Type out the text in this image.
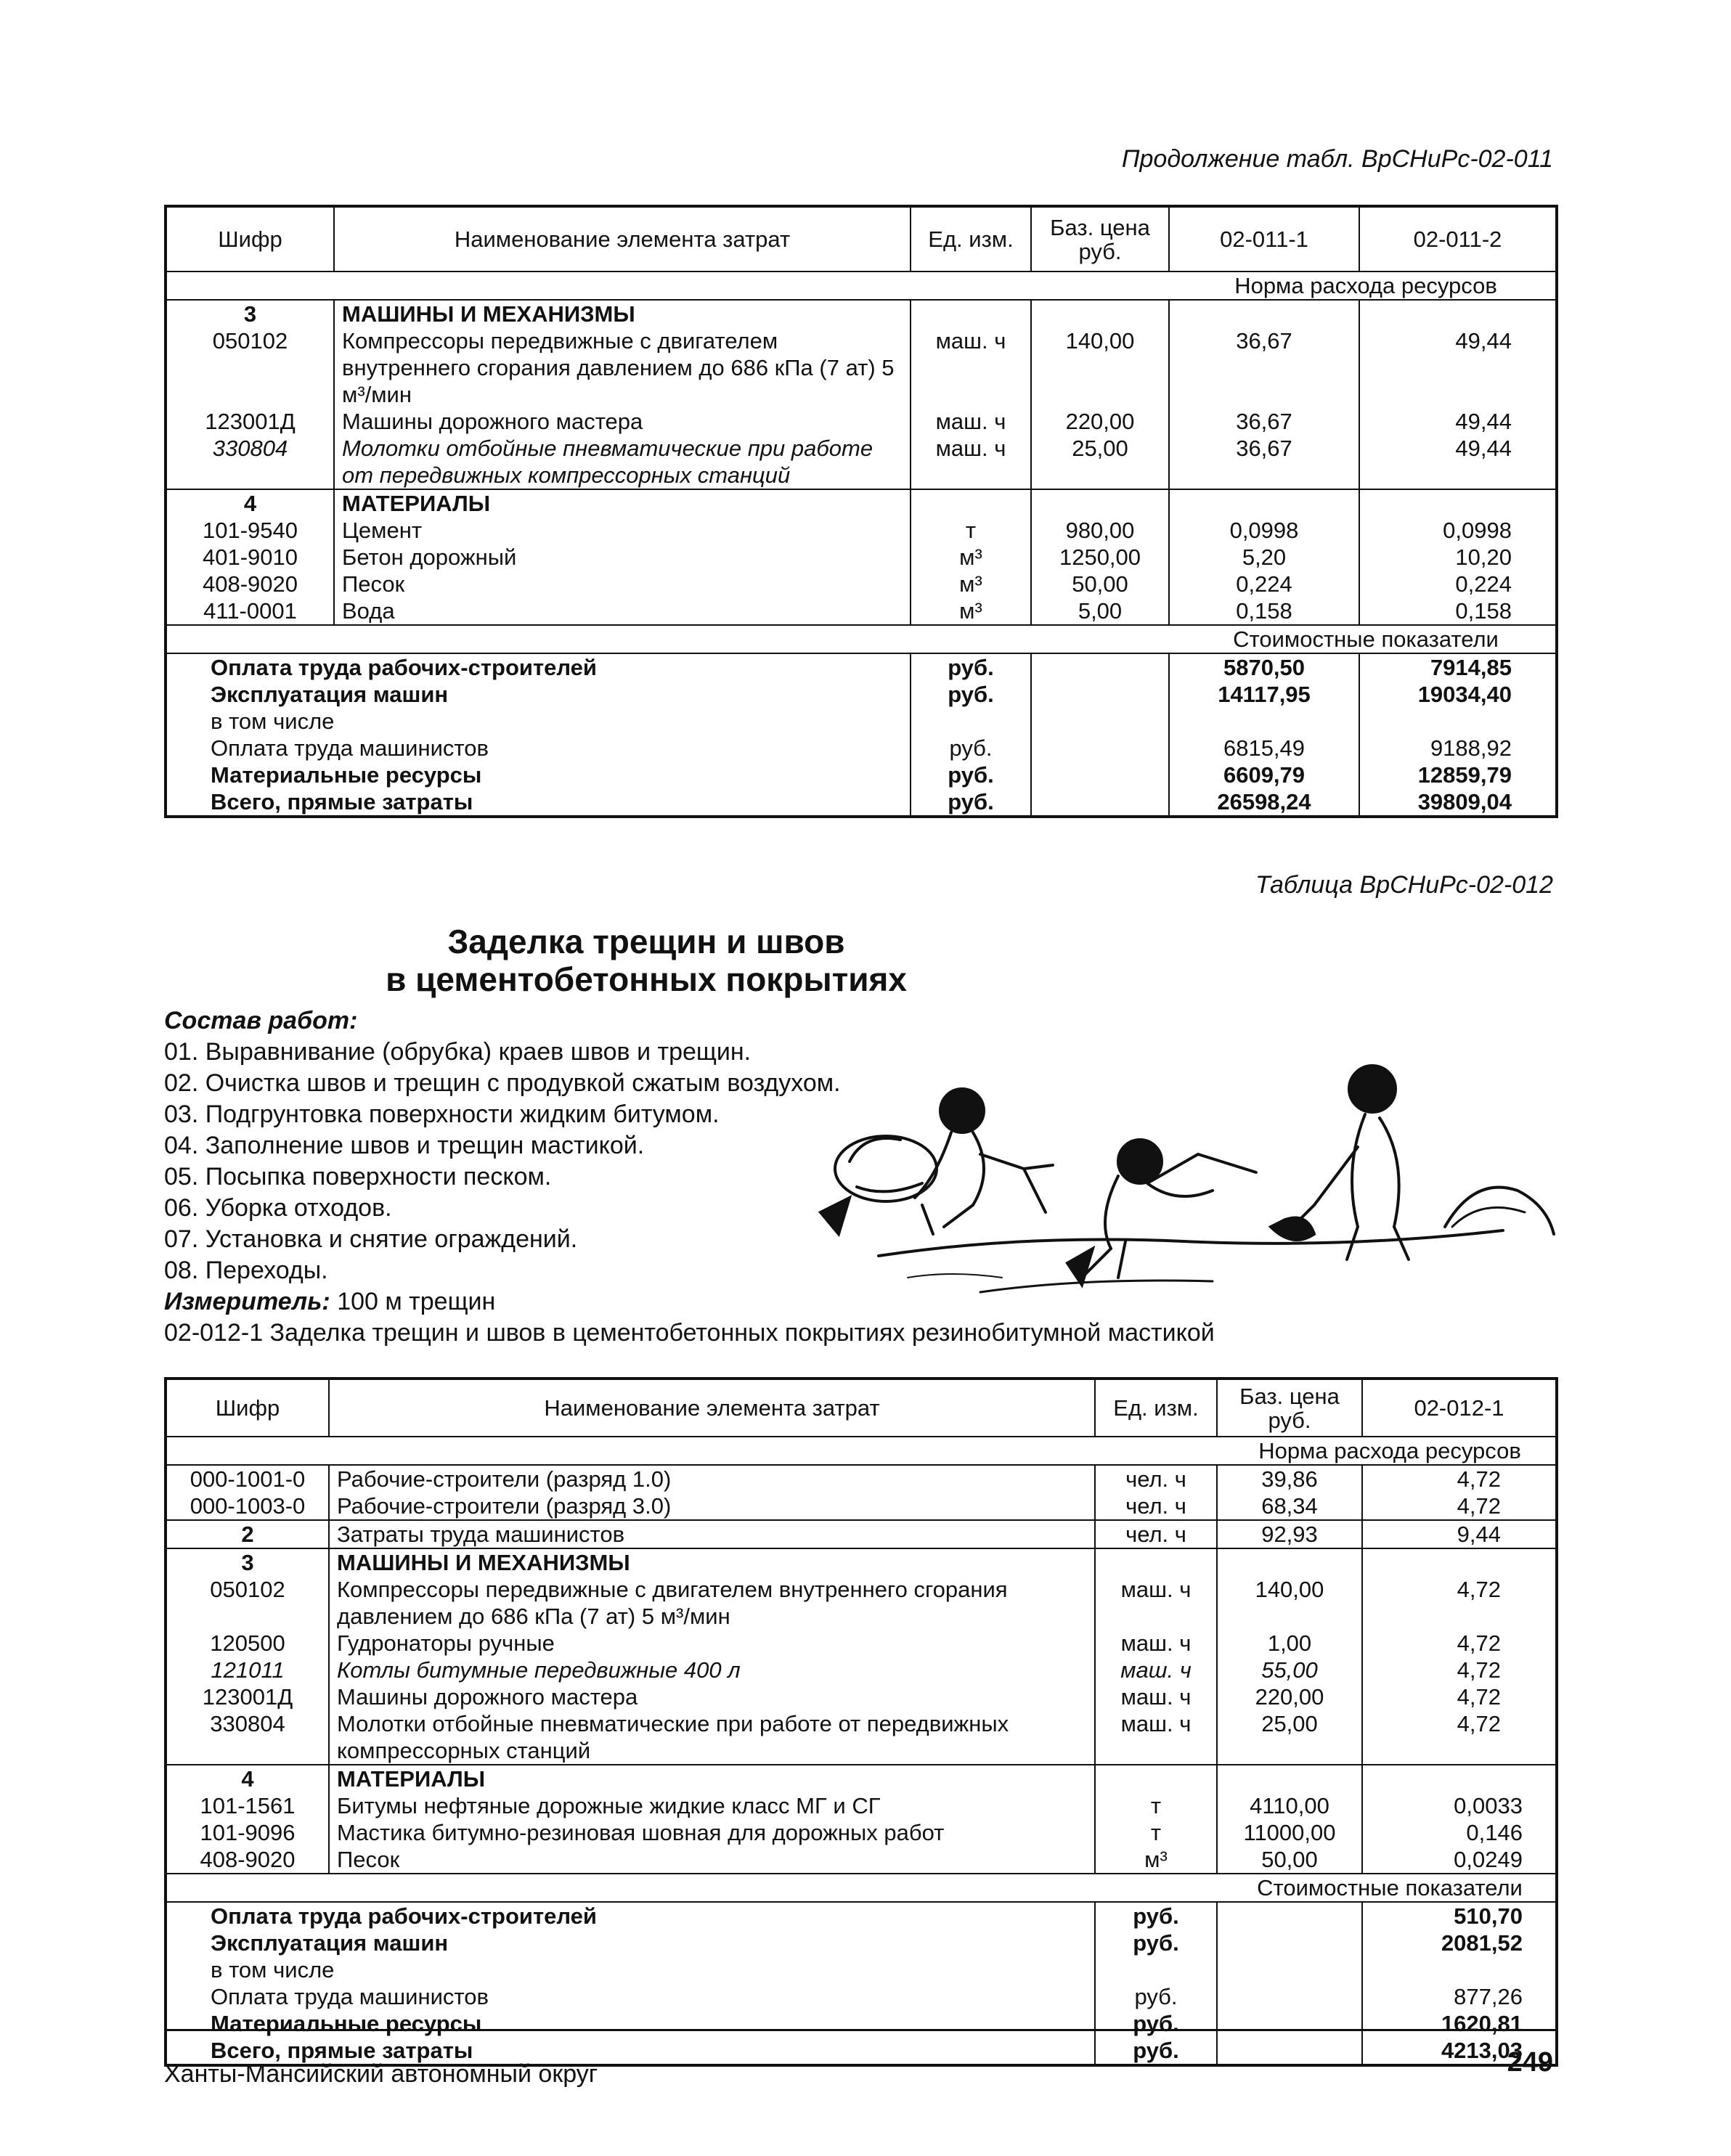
Продолжение табл. ВрСНиРс-02-011
Шифр	Наименование элемента затрат	Ед. изм.	Баз. цена руб.	02-011-1	02-011-2
				Норма расхода ресурсов	
3	МАШИНЫ И МЕХАНИЗМЫ				
050102	Компрессоры передвижные с двигателем внутреннего сгорания давлением до 686 кПа (7 ат) 5 м³/мин	маш. ч	140,00	36,67	49,44
123001Д	Машины дорожного мастера	маш. ч	220,00	36,67	49,44
330804	Молотки отбойные пневматические при работе от передвижных компрессорных станций	маш. ч	25,00	36,67	49,44
4	МАТЕРИАЛЫ				
101-9540	Цемент	т	980,00	0,0998	0,0998
401-9010	Бетон дорожный	м³	1250,00	5,20	10,20
408-9020	Песок	м³	50,00	0,224	0,224
411-0001	Вода	м³	5,00	0,158	0,158
				Стоимостные показатели	
Оплата труда рабочих-строителей		руб.		5870,50	7914,85
Эксплуатация машин		руб.		14117,95	19034,40
в том числе					
Оплата труда машинистов		руб.		6815,49	9188,92
Материальные ресурсы		руб.		6609,79	12859,79
Всего, прямые затраты		руб.		26598,24	39809,04
Таблица ВрСНиРс-02-012
Заделка трещин и швов
в цементобетонных покрытиях
Состав работ:
01. Выравнивание (обрубка) краев швов и трещин.
02. Очистка швов и трещин с продувкой сжатым воздухом.
03. Подгрунтовка поверхности жидким битумом.
04. Заполнение швов и трещин мастикой.
05. Посыпка поверхности песком.
06. Уборка отходов.
07. Установка и снятие ограждений.
08. Переходы.
Измеритель: 100 м трещин
02-012-1 Заделка трещин и швов в цементобетонных покрытиях резинобитумной мастикой
Шифр	Наименование элемента затрат	Ед. изм.	Баз. цена руб.	02-012-1
			Норма расхода ресурсов	
000-1001-0	Рабочие-строители (разряд 1.0)	чел. ч	39,86	4,72
000-1003-0	Рабочие-строители (разряд 3.0)	чел. ч	68,34	4,72
2	Затраты труда машинистов	чел. ч	92,93	9,44
3	МАШИНЫ И МЕХАНИЗМЫ			
050102	Компрессоры передвижные с двигателем внутреннего сгорания давлением до 686 кПа (7 ат) 5 м³/мин	маш. ч	140,00	4,72
120500	Гудронаторы ручные	маш. ч	1,00	4,72
121011	Котлы битумные передвижные 400 л	маш. ч	55,00	4,72
123001Д	Машины дорожного мастера	маш. ч	220,00	4,72
330804	Молотки отбойные пневматические при работе от передвижных компрессорных станций	маш. ч	25,00	4,72
4	МАТЕРИАЛЫ			
101-1561	Битумы нефтяные дорожные жидкие класс МГ и СГ	т	4110,00	0,0033
101-9096	Мастика битумно-резиновая шовная для дорожных работ	т	11000,00	0,146
408-9020	Песок	м³	50,00	0,0249
			Стоимостные показатели	
Оплата труда рабочих-строителей		руб.		510,70
Эксплуатация машин		руб.		2081,52
в том числе				
Оплата труда машинистов		руб.		877,26
Материальные ресурсы		руб.		1620,81
Всего, прямые затраты		руб.		4213,03
Ханты-Мансийский автономный округ	249
